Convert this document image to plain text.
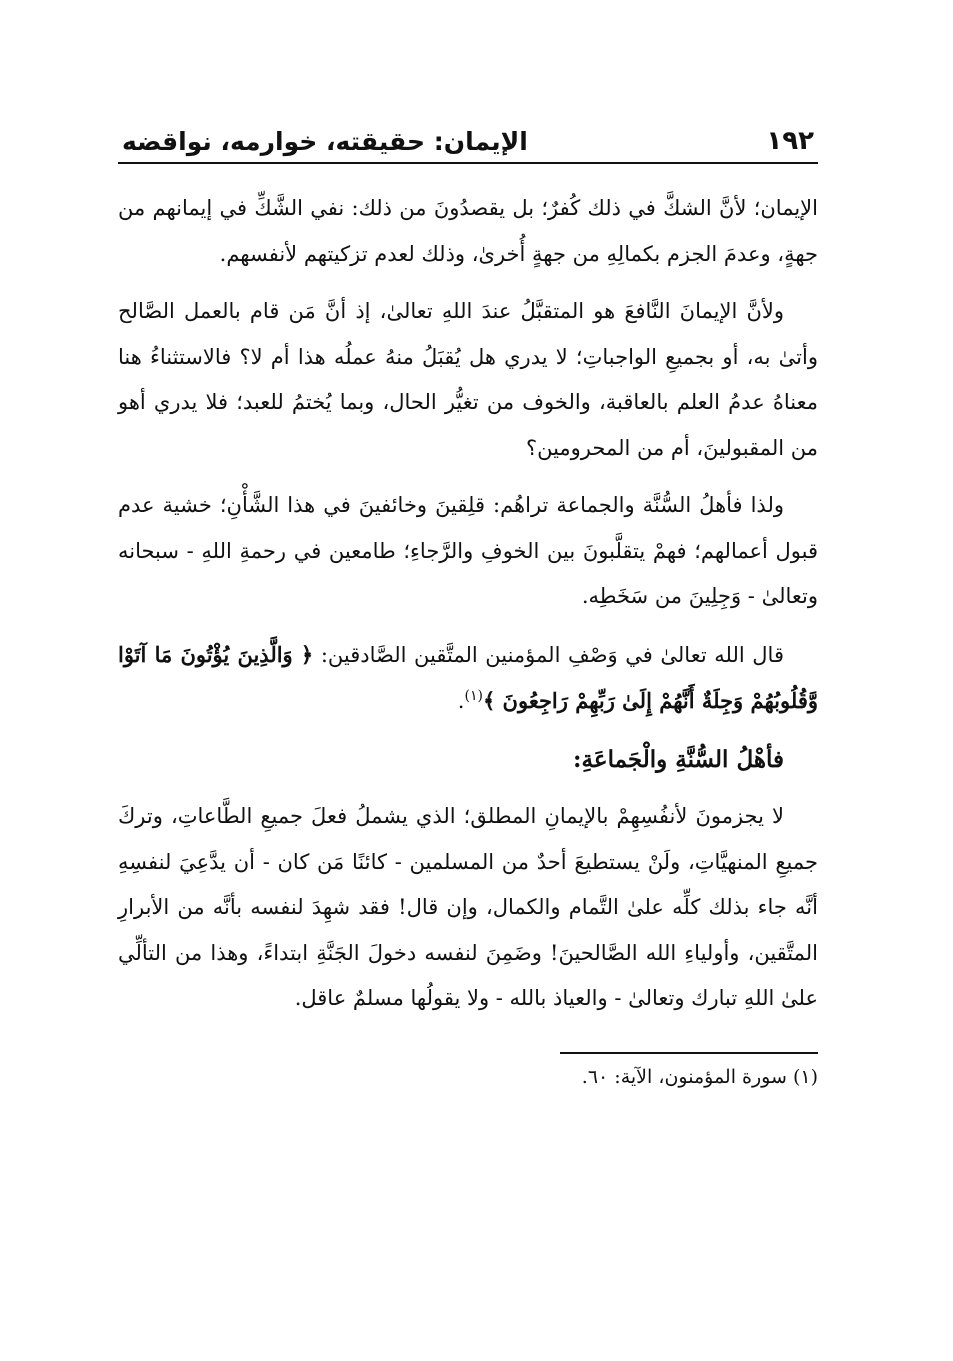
١٩٢
الإيمان: حقيقته، خوارمه، نواقضه

الإيمان؛ لأنَّ الشكَّ في ذلك كُفرٌ؛ بل يقصدُونَ من ذلك: نفي الشَّكِّ في إيمانهم من جهةٍ، وعدمَ الجزم بكمالِهِ من جهةٍ أُخرىٰ، وذلك لعدم تزكيتهم لأنفسهم.

ولأنَّ الإيمانَ النَّافعَ هو المتقبَّلُ عندَ اللهِ تعالىٰ، إذ أنَّ مَن قام بالعمل الصَّالح وأتىٰ به، أو بجميعِ الواجباتِ؛ لا يدري هل يُقبَلُ منهُ عملُه هذا أم لا؟ فالاستثناءُ هنا معناهُ عدمُ العلم بالعاقبة، والخوف من تغيُّر الحال، وبما يُختمُ للعبد؛ فلا يدري أهو من المقبولينَ، أم من المحرومين؟

ولذا فأهلُ السُّنَّة والجماعة تراهُم: قلِقينَ وخائفينَ في هذا الشَّأْنِ؛ خشية عدم قبول أعمالهم؛ فهمْ يتقلَّبونَ بين الخوفِ والرَّجاءِ؛ طامعين في رحمةِ اللهِ - سبحانه وتعالىٰ - وَجِلِينَ من سَخَطِه.

قال الله تعالىٰ في وَصْفِ المؤمنين المتَّقين الصَّادقين: ﴿ وَالَّذِينَ يُؤْتُونَ مَا آتَوْا وَّقُلُوبُهُمْ وَجِلَةٌ أَنَّهُمْ إِلَىٰ رَبِّهِمْ رَاجِعُونَ ﴾$^{(١)}$.

فأهْلُ السُّنَّةِ والْجَماعَةِ:

لا يجزمونَ لأنفُسِهِمْ بالإيمانِ المطلق؛ الذي يشملُ فعلَ جميعِ الطَّاعاتِ، وتركَ جميعِ المنهيَّاتِ، ولَنْ يستطيعَ أحدٌ من المسلمين - كائنًا مَن كان - أن يدَّعِيَ لنفسِهِ أنَّه جاء بذلك كلِّه علىٰ التَّمام والكمال، وإن قال! فقد شهِدَ لنفسه بأنَّه من الأبرارِ المتَّقين، وأولياءِ الله الصَّالحينَ! وضَمِنَ لنفسه دخولَ الجَنَّةِ ابتداءً، وهذا من التألِّي علىٰ اللهِ تبارك وتعالىٰ - والعياذ بالله - ولا يقولُها مسلمٌ عاقل.

(١) سورة المؤمنون، الآية: ٦٠.
